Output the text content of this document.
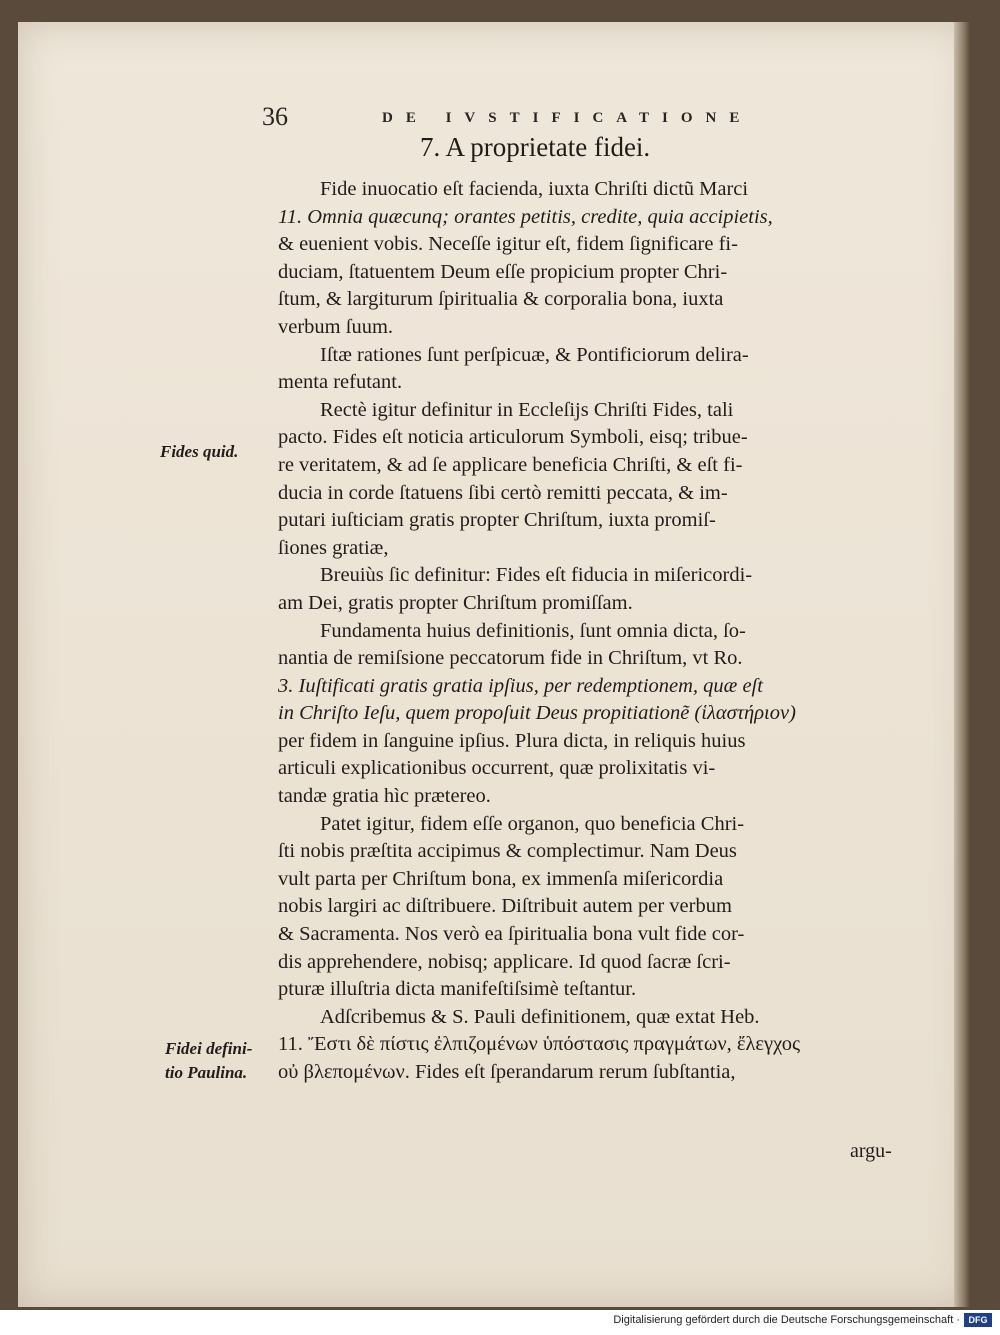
36	DE IVSTIFICATIONE
7. A proprietate fidei.
Fide inuocatio eſt facienda, iuxta Chriſti dictũ Marci
11. Omnia quæcunq; orantes petitis, credite, quia accipietis,
& euenient vobis. Neceſſe igitur eſt, fidem ſignificare fi-
duciam, ſtatuentem Deum eſſe propicium propter Chri-
ſtum, & largiturum ſpiritualia & corporalia bona, iuxta
verbum ſuum.
Iſtæ rationes ſunt perſpicuæ, & Pontificiorum delira-
menta refutant.
Rectè igitur definitur in Eccleſijs Chriſti Fides, tali
pacto. Fides eſt noticia articulorum Symboli, eisq; tribue-
re veritatem, & ad ſe applicare beneficia Chriſti, & eſt fi-
ducia in corde ſtatuens ſibi certò remitti peccata, & im-
putari iuſticiam gratis propter Chriſtum, iuxta promiſ-
ſiones gratiæ,
Breuiùs ſic definitur: Fides eſt fiducia in miſericordi-
am Dei, gratis propter Chriſtum promiſſam.
Fundamenta huius definitionis, ſunt omnia dicta, ſo-
nantia de remiſsione peccatorum fide in Chriſtum, vt Ro.
3. Iuſtificati gratis gratia ipſius, per redemptionem, quæ eſt
in Chriſto Ieſu, quem propoſuit Deus propitiationẽ (ἱλαστήριον)
per fidem in ſanguine ipſius. Plura dicta, in reliquis huius
articuli explicationibus occurrent, quæ prolixitatis vi-
tandæ gratia hìc prætereo.
Patet igitur, fidem eſſe organon, quo beneficia Chri-
ſti nobis præſtita accipimus & complectimur. Nam Deus
vult parta per Chriſtum bona, ex immenſa miſericordia
nobis largiri ac diſtribuere. Diſtribuit autem per verbum
& Sacramenta. Nos verò ea ſpiritualia bona vult fide cor-
dis apprehendere, nobisq; applicare. Id quod ſacræ ſcri-
pturæ illuſtria dicta manifeſtiſsimè teſtantur.
Adſcribemus & S. Pauli definitionem, quæ extat Heb.
11. Ἔστι δὲ πίστις ἐλπιζομένων ὑπόστασις πραγμάτων, ἔλεγχος
οὐ βλεπομένων. Fides eſt ſperandarum rerum ſubſtantia,
Fides quid.
Fidei defini-
tio Paulina.
argu-
Digitalisierung gefördert durch die Deutsche Forschungsgemeinschaft · DFG
